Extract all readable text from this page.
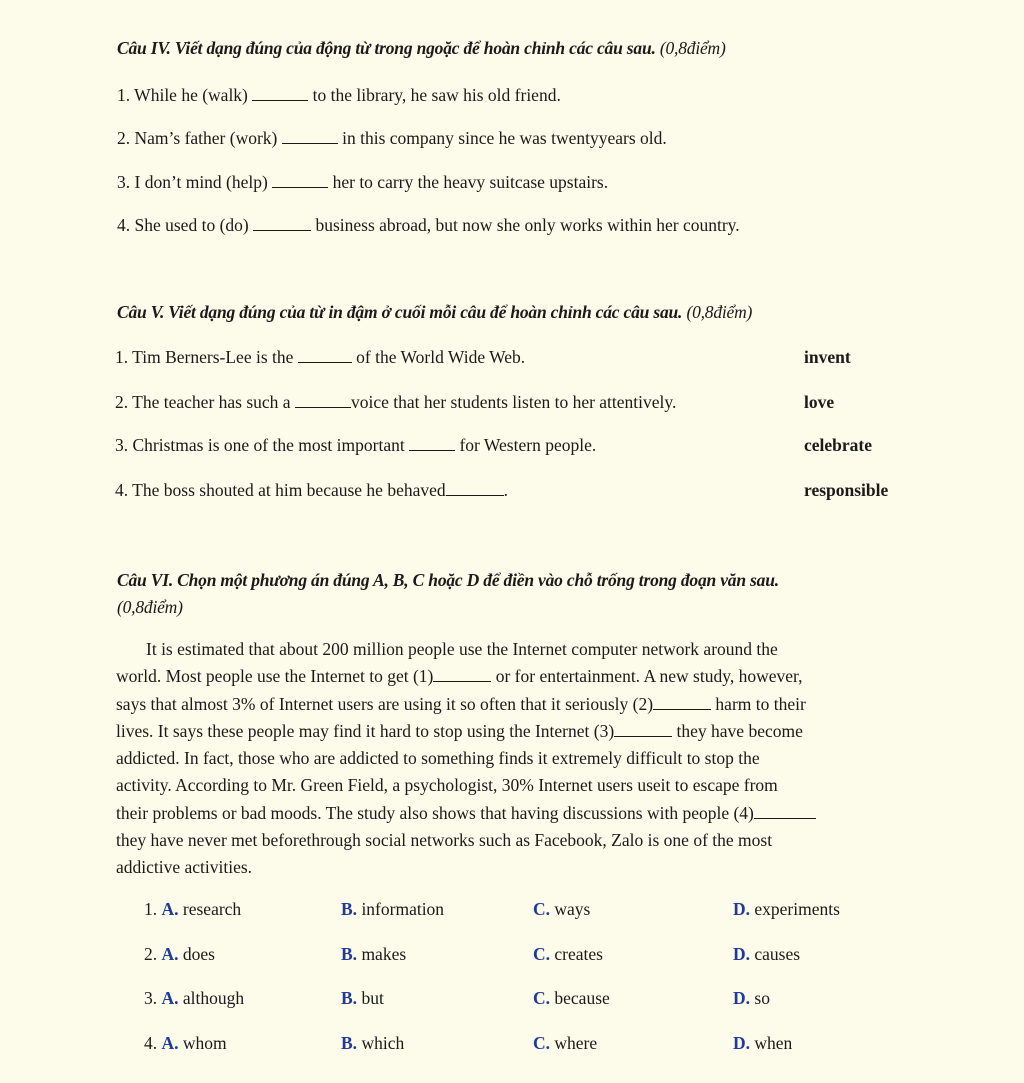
Câu IV. Viết dạng đúng của động từ trong ngoặc để hoàn chỉnh các câu sau. (0,8điểm)
1. While he (walk)	to the library, he saw his old friend.
2. Nam’s father (work)	in this company since he was twentyyears old.
3. I don’t mind (help)	her to carry the heavy suitcase upstairs.
4. She used to (do)	business abroad, but now she only works within her country.
Câu V. Viết dạng đúng của từ in đậm ở cuối mỗi câu để hoàn chỉnh các câu sau. (0,8điểm)
1. Tim Berners-Lee is the	of the World Wide Web.	invent
2. The teacher has such a	voice that her students listen to her attentively.	love
3. Christmas is one of the most important	for Western people.	celebrate
4. The boss shouted at him because he behaved	.	responsible
Câu VI. Chọn một phương án đúng A, B, C hoặc D để điền vào chỗ trống trong đoạn văn sau.
(0,8điểm)
It is estimated that about 200 million people use the Internet computer network around the
world. Most people use the Internet to get (1)	or for entertainment. A new study, however,
says that almost 3% of Internet users are using it so often that it seriously (2)	harm to their
lives. It says these people may find it hard to stop using the Internet (3)	they have become
addicted. In fact, those who are addicted to something finds it extremely difficult to stop the
activity. According to Mr. Green Field, a psychologist, 30% Internet users useit to escape from
their problems or bad moods. The study also shows that having discussions with people (4)
they have never met beforethrough social networks such as Facebook, Zalo is one of the most
addictive activities.
1. A. research	B. information	C. ways	D. experiments
2. A. does	B. makes	C. creates	D. causes
3. A. although	B. but	C. because	D. so
4. A. whom	B. which	C. where	D. when
